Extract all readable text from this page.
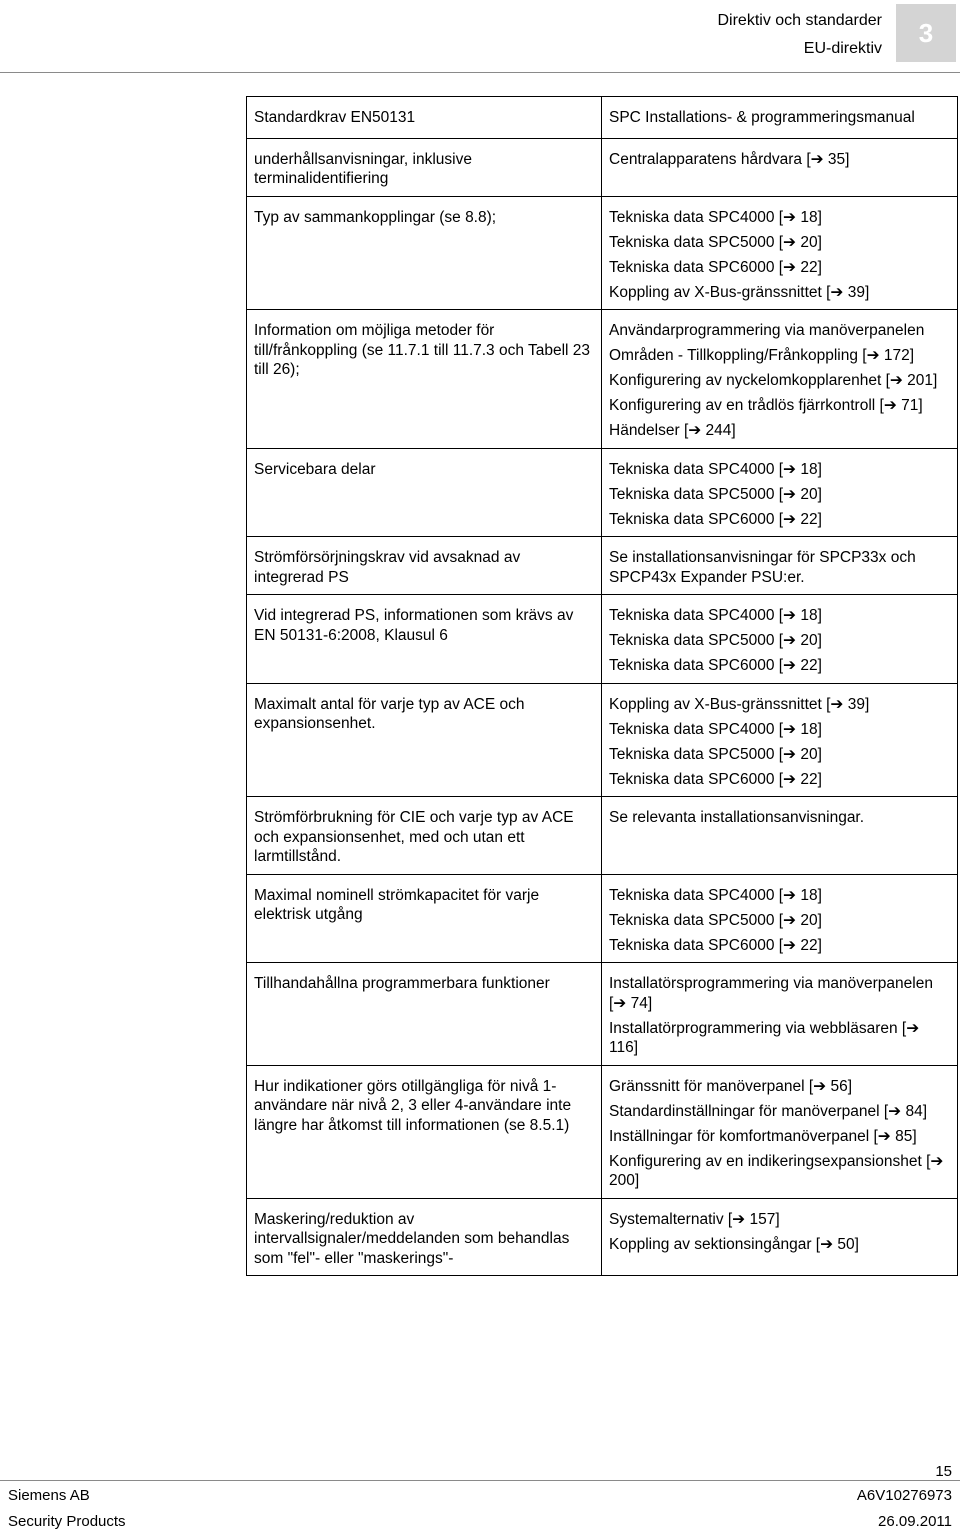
Direktiv och standarder
EU-direktiv
3
Standardkrav EN50131	SPC Installations- & programmeringsmanual
underhållsanvisningar, inklusive terminalidentifiering	Centralapparatens hårdvara [➔ 35]

Typ av sammankopplingar (se 8.8);	Tekniska data SPC4000 [➔ 18]
Tekniska data SPC5000 [➔ 20]
Tekniska data SPC6000 [➔ 22]
Koppling av X-Bus-gränssnittet [➔ 39]

Information om möjliga metoder för till/frånkoppling (se 11.7.1 till 11.7.3 och Tabell 23 till 26);	Användarprogrammering via manöverpanelen
Områden - Tillkoppling/Frånkoppling [➔ 172]
Konfigurering av nyckelomkopplarenhet [➔ 201]
Konfigurering av en trådlös fjärrkontroll [➔ 71]
Händelser [➔ 244]

Servicebara delar	Tekniska data SPC4000 [➔ 18]
Tekniska data SPC5000 [➔ 20]
Tekniska data SPC6000 [➔ 22]

Strömförsörjningskrav vid avsaknad av integrerad PS	Se installationsanvisningar för SPCP33x och SPCP43x Expander PSU:er.

Vid integrerad PS, informationen som krävs av EN 50131-6:2008, Klausul 6	Tekniska data SPC4000 [➔ 18]
Tekniska data SPC5000 [➔ 20]
Tekniska data SPC6000 [➔ 22]

Maximalt antal för varje typ av ACE och expansionsenhet.	Koppling av X-Bus-gränssnittet [➔ 39]
Tekniska data SPC4000 [➔ 18]
Tekniska data SPC5000 [➔ 20]
Tekniska data SPC6000 [➔ 22]

Strömförbrukning för CIE och varje typ av ACE och expansionsenhet, med och utan ett larmtillstånd.	Se relevanta installationsanvisningar.

Maximal nominell strömkapacitet för varje elektrisk utgång	Tekniska data SPC4000 [➔ 18]
Tekniska data SPC5000 [➔ 20]
Tekniska data SPC6000 [➔ 22]

Tillhandahållna programmerbara funktioner	Installatörsprogrammering via manöverpanelen [➔ 74]
Installatörprogrammering via webbläsaren [➔ 116]

Hur indikationer görs otillgängliga för nivå 1-användare när nivå 2, 3 eller 4-användare inte längre har åtkomst till informationen (se 8.5.1)	Gränssnitt för manöverpanel [➔ 56]
Standardinställningar för manöverpanel [➔ 84]
Inställningar för komfortmanöverpanel [➔ 85]
Konfigurering av en indikeringsexpansionshet [➔ 200]

Maskering/reduktion av intervallsignaler/meddelanden som behandlas som "fel"- eller "maskerings"-	Systemalternativ [➔ 157]
Koppling av sektionsingångar [➔ 50]
15
Siemens AB
Security Products
A6V10276973
26.09.2011
